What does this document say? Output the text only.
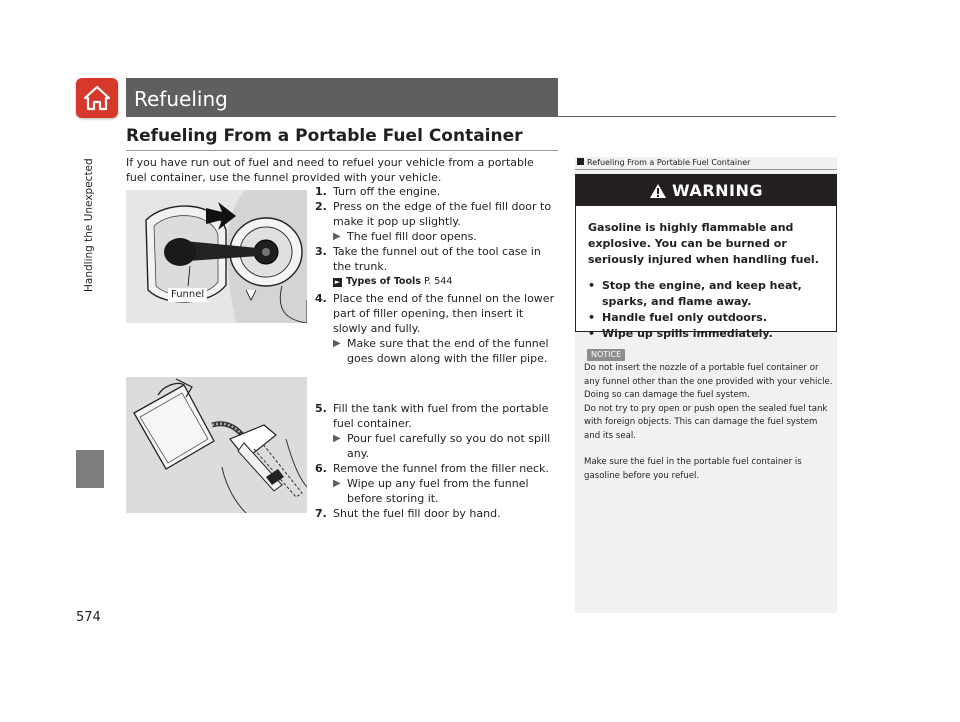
Handling the Unexpected
574
Refueling
Refueling From a Portable Fuel Container
If you have run out of fuel and need to refuel your vehicle from a portable fuel container, use the funnel provided with your vehicle.
Funnel
1. Turn off the engine.
2. Press on the edge of the fuel fill door to make it pop up slightly.
▶ The fuel fill door opens.
3. Take the funnel out of the tool case in the trunk.
► Types of Tools P. 544
4. Place the end of the funnel on the lower part of filler opening, then insert it slowly and fully.
▶ Make sure that the end of the funnel goes down along with the filler pipe.
5. Fill the tank with fuel from the portable fuel container.
▶ Pour fuel carefully so you do not spill any.
6. Remove the funnel from the filler neck.
▶ Wipe up any fuel from the funnel before storing it.
7. Shut the fuel fill door by hand.
Refueling From a Portable Fuel Container
WARNING
Gasoline is highly flammable and explosive. You can be burned or seriously injured when handling fuel.
• Stop the engine, and keep heat, sparks, and flame away.
• Handle fuel only outdoors.
• Wipe up spills immediately.
NOTICE

Do not insert the nozzle of a portable fuel container or any funnel other than the one provided with your vehicle. Doing so can damage the fuel system.

Do not try to pry open or push open the sealed fuel tank with foreign objects. This can damage the fuel system and its seal.

Make sure the fuel in the portable fuel container is gasoline before you refuel.
